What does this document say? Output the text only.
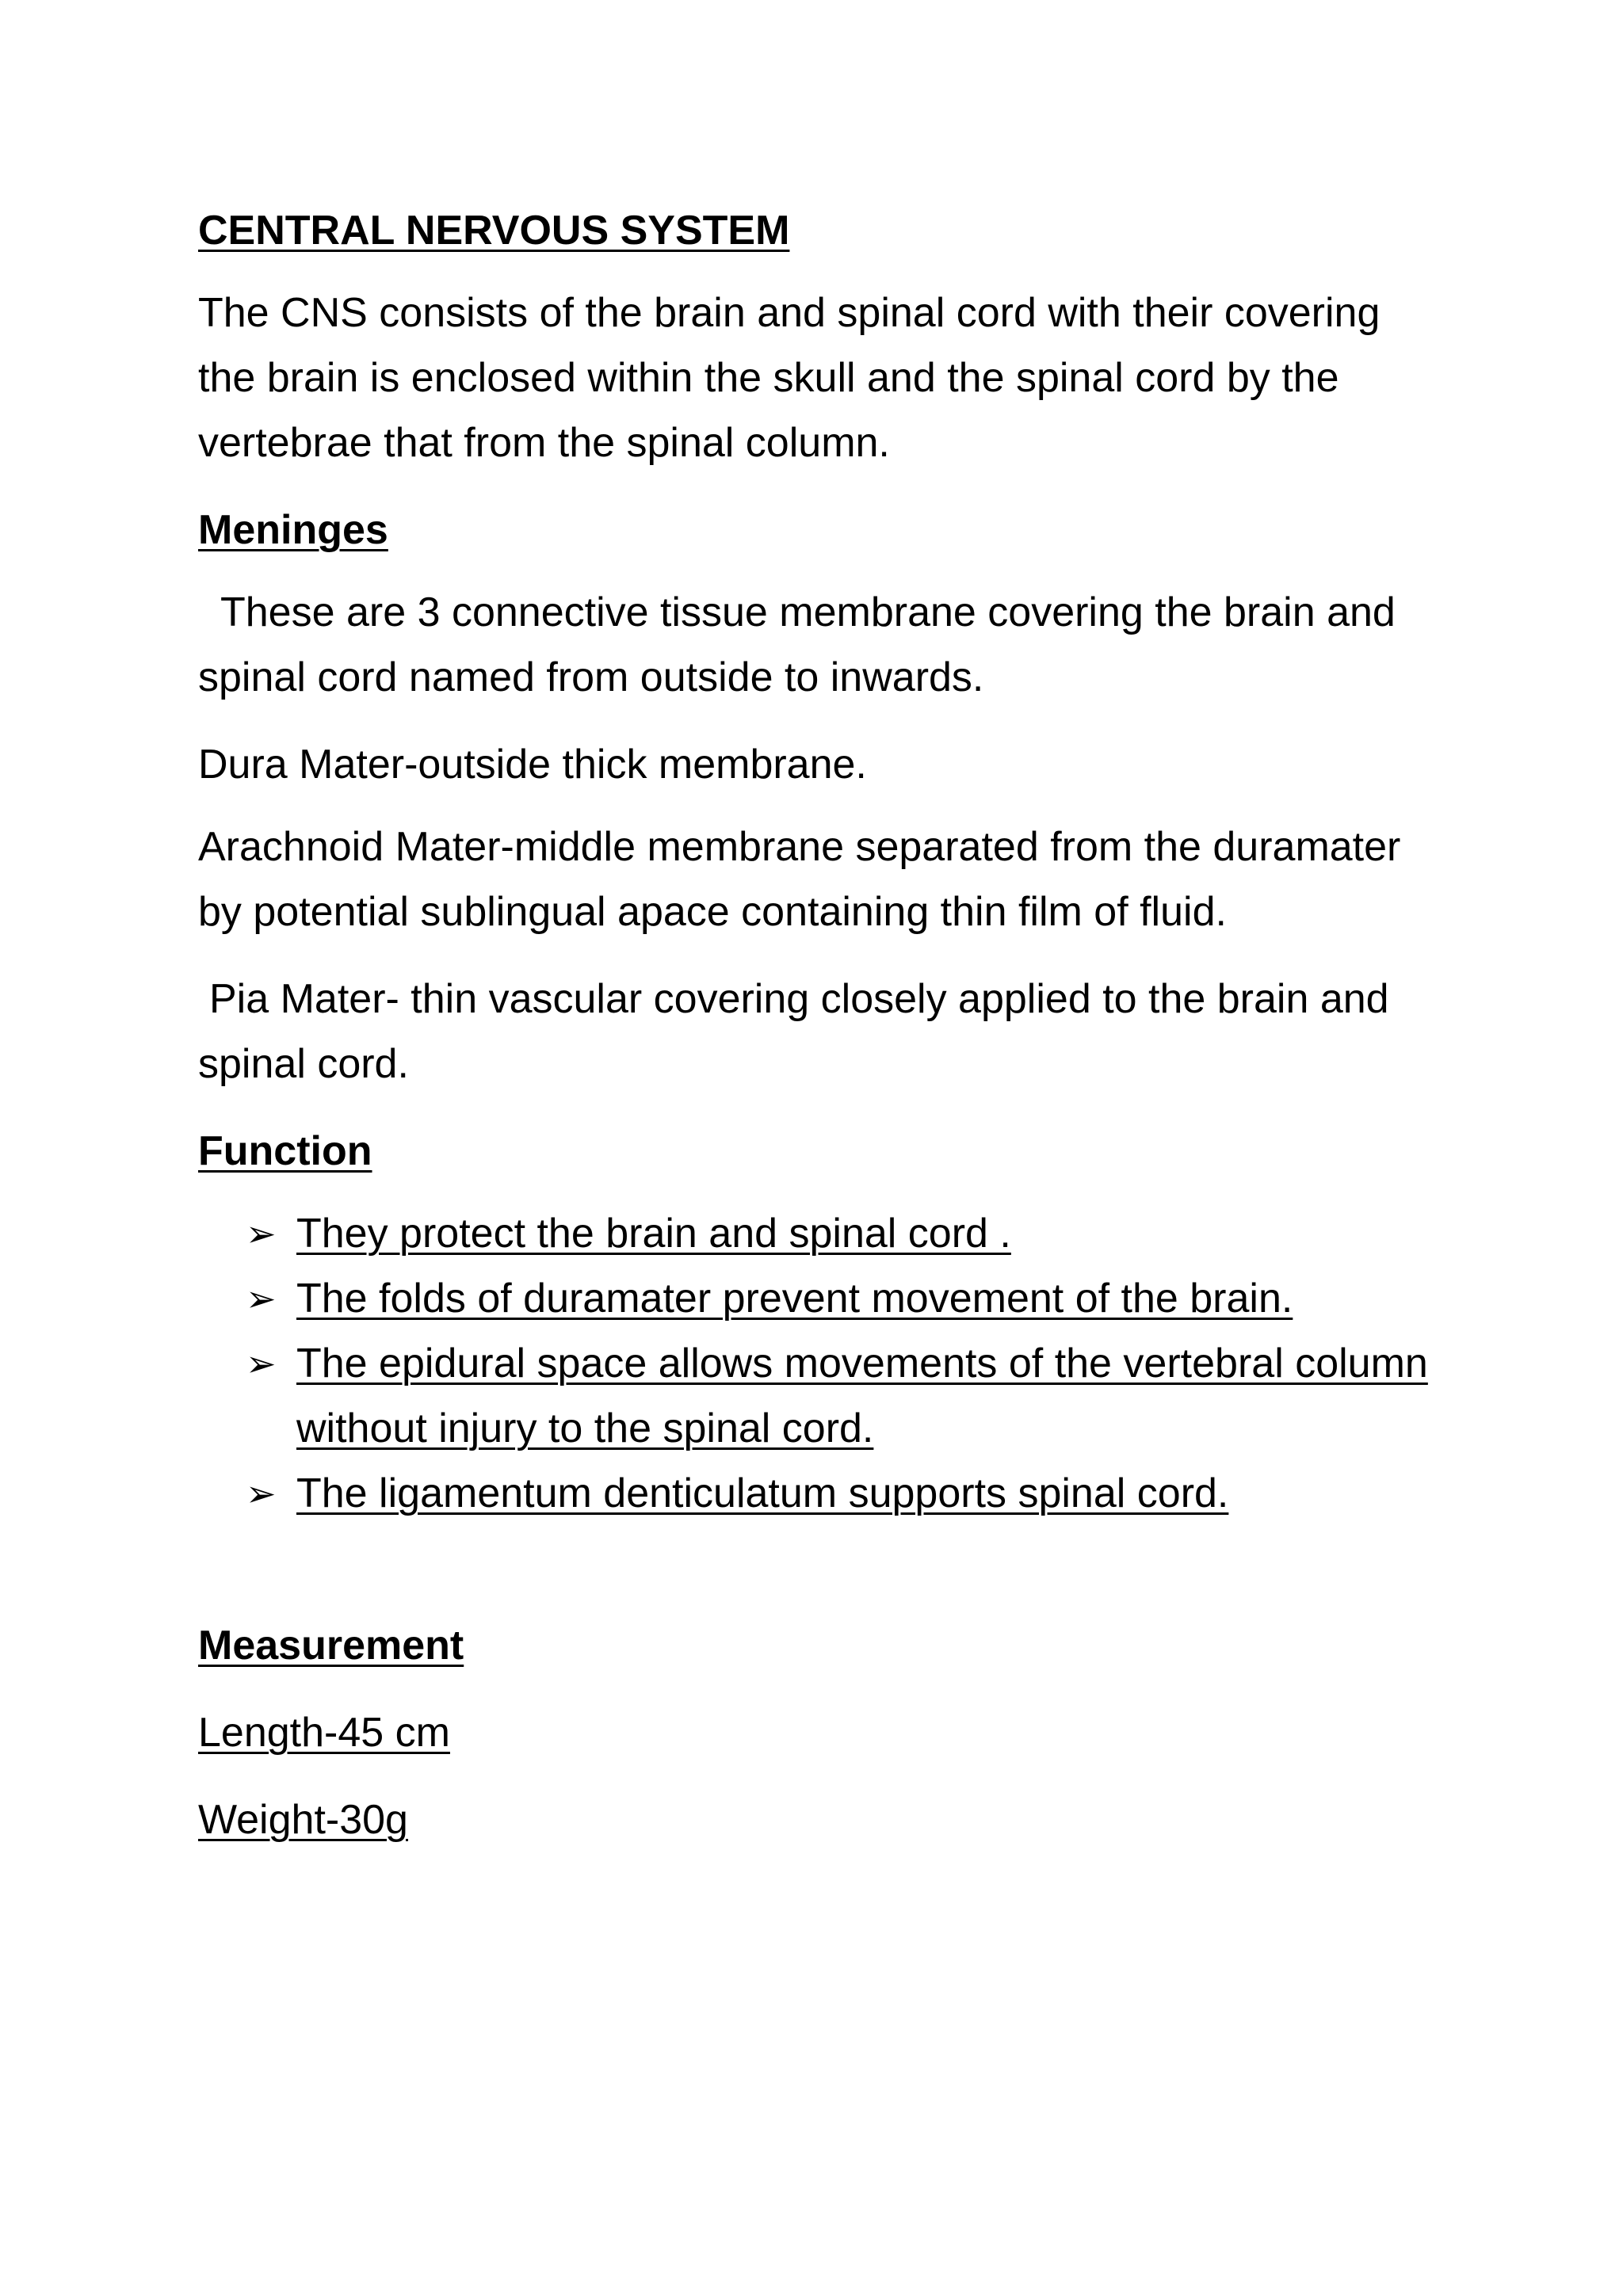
CENTRAL NERVOUS SYSTEM

The CNS consists of the brain and spinal cord with their covering the brain is enclosed within the skull and the spinal cord by the vertebrae that from the spinal column.

Meninges

These are 3 connective tissue membrane covering the brain and spinal cord named from outside to inwards.

Dura Mater-outside thick membrane.

Arachnoid Mater-middle membrane separated from the duramater by potential sublingual apace containing thin film of fluid.

Pia Mater- thin vascular covering closely applied to the brain and spinal cord.

Function

➢ They protect the brain and spinal cord .
➢ The folds of duramater prevent movement of the brain.
➢ The epidural space allows movements of the vertebral column without injury to the spinal cord.
➢ The ligamentum denticulatum supports spinal cord.

Measurement

Length-45 cm

Weight-30g
